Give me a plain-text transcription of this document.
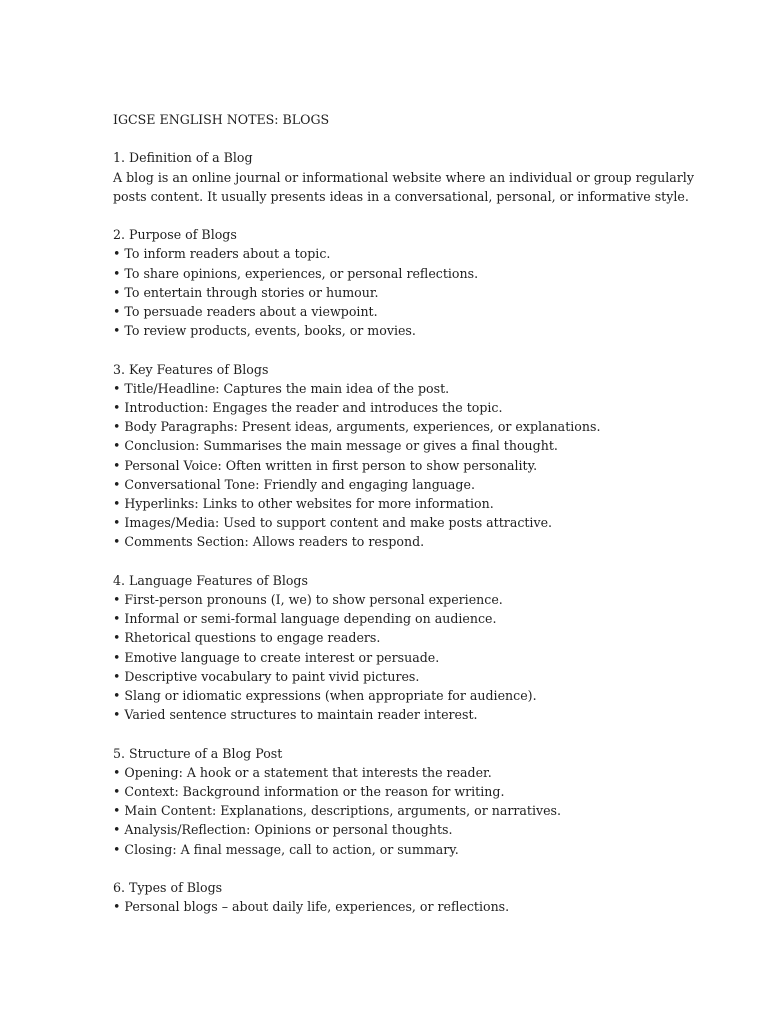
IGCSE ENGLISH NOTES: BLOGS

1. Definition of a Blog

A blog is an online journal or informational website where an individual or group regularly

posts content. It usually presents ideas in a conversational, personal, or informative style.

2. Purpose of Blogs

• To inform readers about a topic.

• To share opinions, experiences, or personal reflections.

• To entertain through stories or humour.

• To persuade readers about a viewpoint.

• To review products, events, books, or movies.

3. Key Features of Blogs

• Title/Headline: Captures the main idea of the post.

• Introduction: Engages the reader and introduces the topic.

• Body Paragraphs: Present ideas, arguments, experiences, or explanations.

• Conclusion: Summarises the main message or gives a final thought.

• Personal Voice: Often written in first person to show personality.

• Conversational Tone: Friendly and engaging language.

• Hyperlinks: Links to other websites for more information.

• Images/Media: Used to support content and make posts attractive.

• Comments Section: Allows readers to respond.

4. Language Features of Blogs

• First-person pronouns (I, we) to show personal experience.

• Informal or semi-formal language depending on audience.

• Rhetorical questions to engage readers.

• Emotive language to create interest or persuade.

• Descriptive vocabulary to paint vivid pictures.

• Slang or idiomatic expressions (when appropriate for audience).

• Varied sentence structures to maintain reader interest.

5. Structure of a Blog Post

• Opening: A hook or a statement that interests the reader.

• Context: Background information or the reason for writing.

• Main Content: Explanations, descriptions, arguments, or narratives.

• Analysis/Reflection: Opinions or personal thoughts.

• Closing: A final message, call to action, or summary.

6. Types of Blogs

• Personal blogs – about daily life, experiences, or reflections.
